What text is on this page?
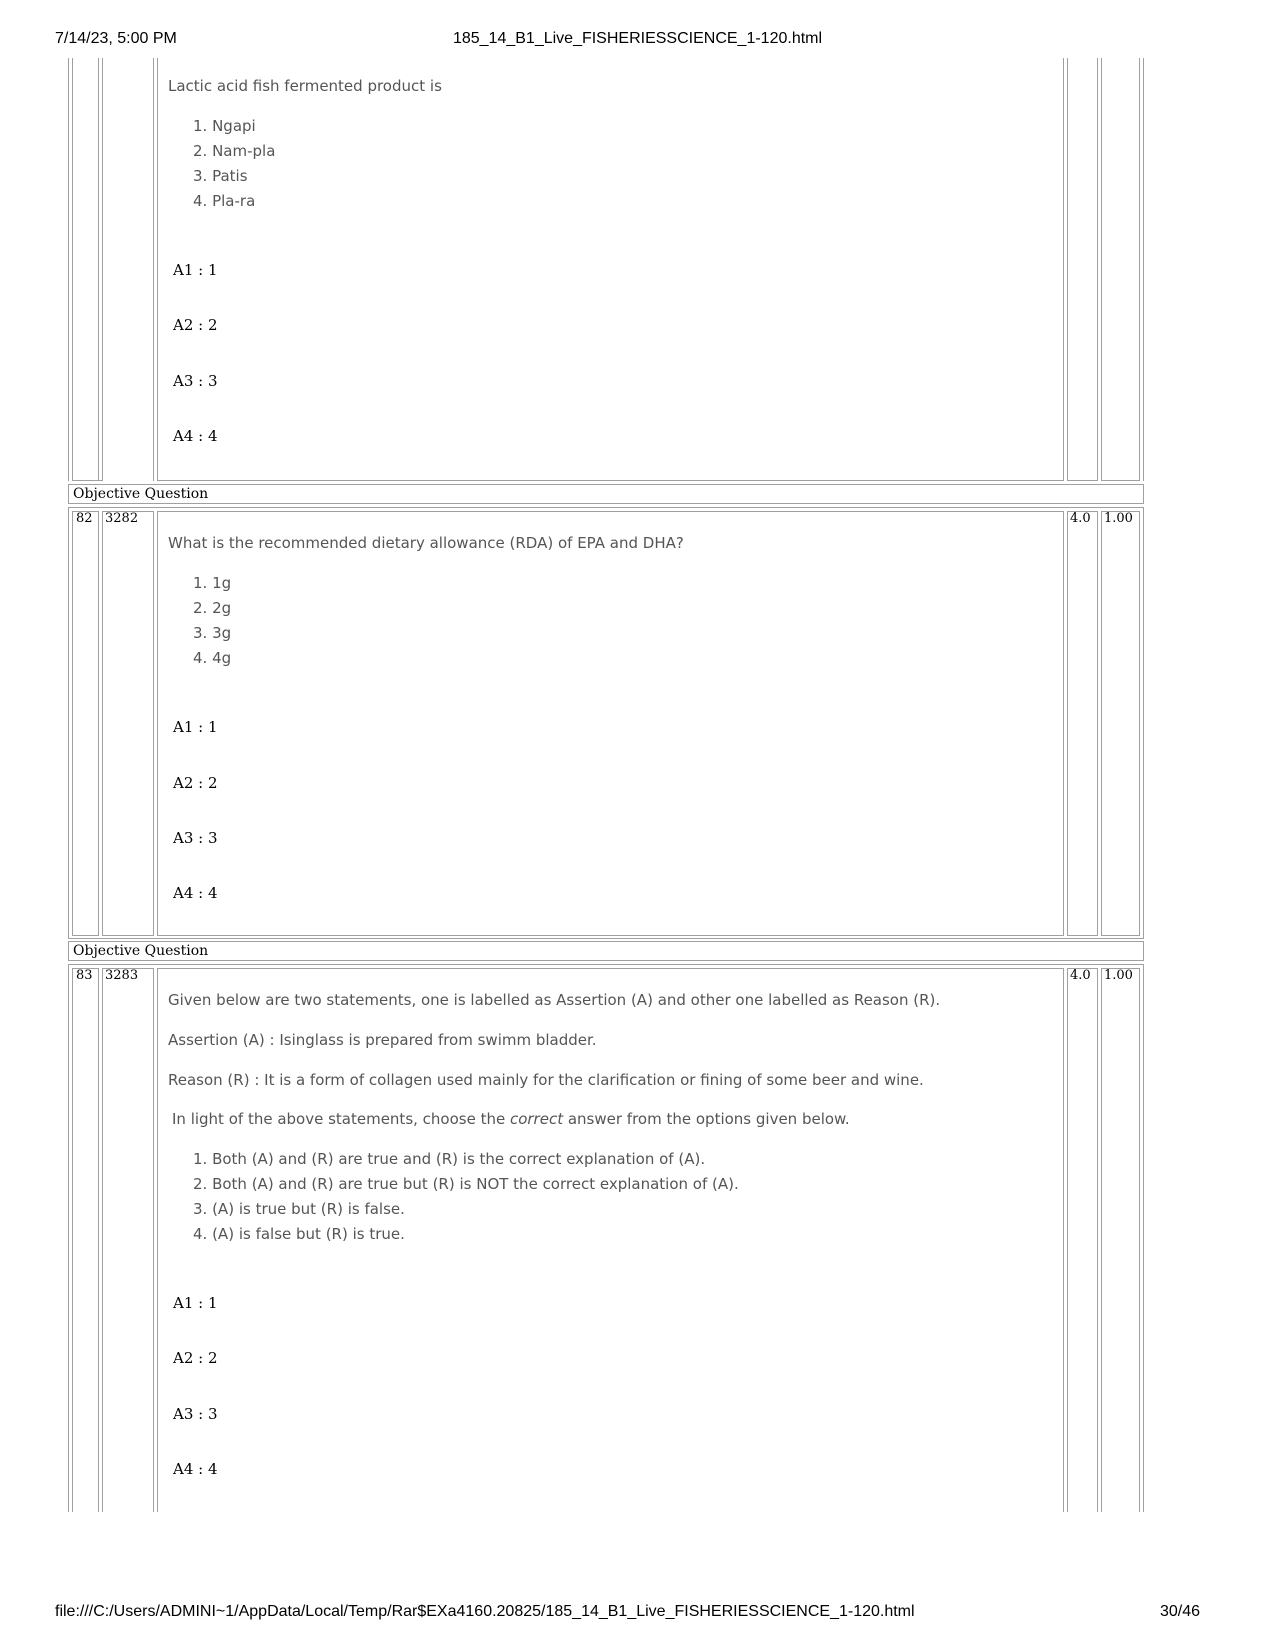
7/14/23, 5:00 PM	185_14_B1_Live_FISHERIESSCIENCE_1-120.html
Lactic acid fish fermented product is
1. Ngapi
2. Nam-pla
3. Patis
4. Pla-ra
A1 : 1
A2 : 2
A3 : 3
A4 : 4
Objective Question
82 3282	4.0 1.00
What is the recommended dietary allowance (RDA) of EPA and DHA?
1. 1g
2. 2g
3. 3g
4. 4g
A1 : 1
A2 : 2
A3 : 3
A4 : 4
Objective Question
83 3283	4.0 1.00
Given below are two statements, one is labelled as Assertion (A) and other one labelled as Reason (R).
Assertion (A) : Isinglass is prepared from swimm bladder.
Reason (R) : It is a form of collagen used mainly for the clarification or fining of some beer and wine.
In light of the above statements, choose the correct answer from the options given below.
1. Both (A) and (R) are true and (R) is the correct explanation of (A).
2. Both (A) and (R) are true but (R) is NOT the correct explanation of (A).
3. (A) is true but (R) is false.
4. (A) is false but (R) is true.
A1 : 1
A2 : 2
A3 : 3
A4 : 4
file:///C:/Users/ADMINI~1/AppData/Local/Temp/Rar$EXa4160.20825/185_14_B1_Live_FISHERIESSCIENCE_1-120.html	30/46
